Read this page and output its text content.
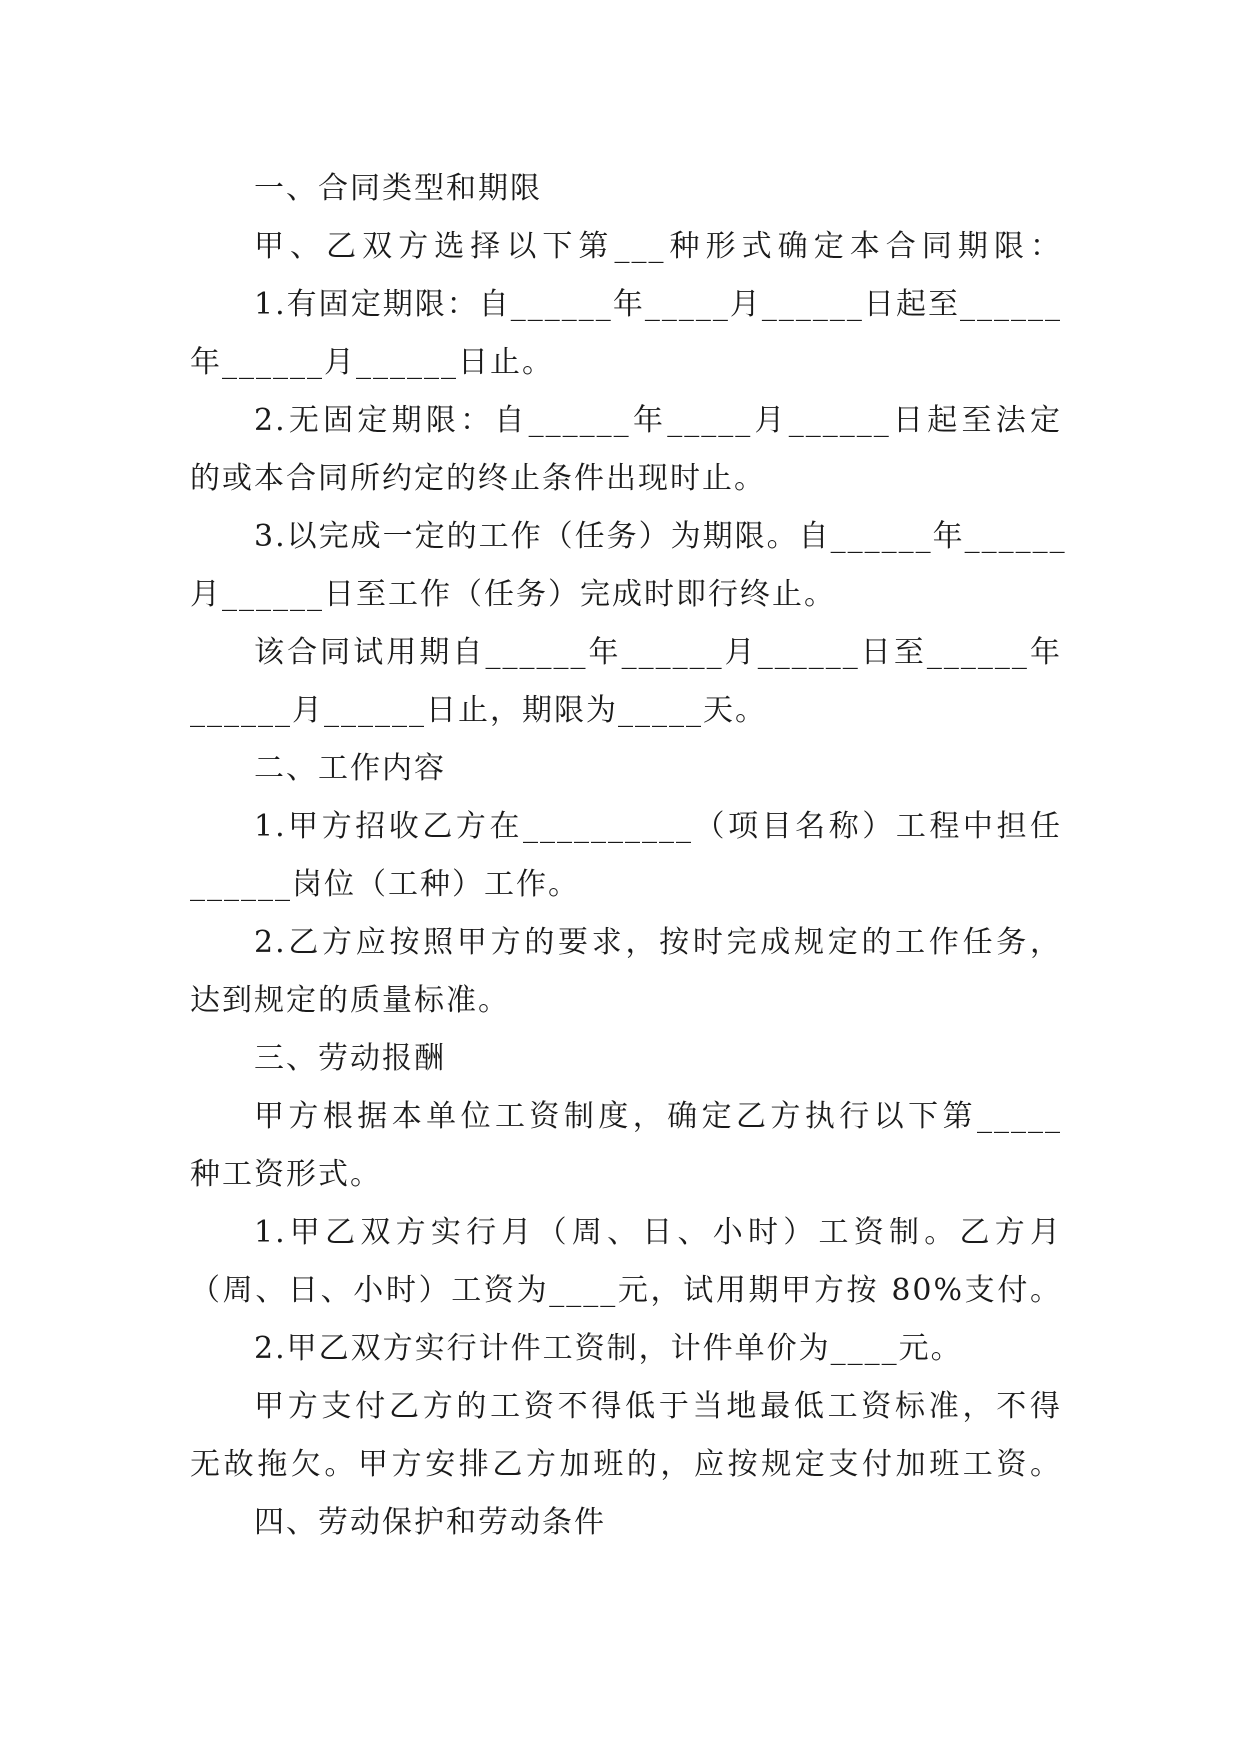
一、合同类型和期限
甲、乙双方选择以下第___种形式确定本合同期限：
1.有固定期限：自______年_____月______日起至______
年______月______日止。
2.无固定期限：自______年_____月______日起至法定
的或本合同所约定的终止条件出现时止。
3.以完成一定的工作（任务）为期限。自______年______
月______日至工作（任务）完成时即行终止。
该合同试用期自______年______月______日至______年
______月______日止，期限为_____天。
二、工作内容
1.甲方招收乙方在__________（项目名称）工程中担任
______岗位（工种）工作。
2.乙方应按照甲方的要求，按时完成规定的工作任务，
达到规定的质量标准。
三、劳动报酬
甲方根据本单位工资制度，确定乙方执行以下第_____
种工资形式。
1.甲乙双方实行月（周、日、小时）工资制。乙方月
（周、日、小时）工资为____元，试用期甲方按 80%支付。
2.甲乙双方实行计件工资制，计件单价为____元。
甲方支付乙方的工资不得低于当地最低工资标准，不得
无故拖欠。甲方安排乙方加班的，应按规定支付加班工资。
四、劳动保护和劳动条件
